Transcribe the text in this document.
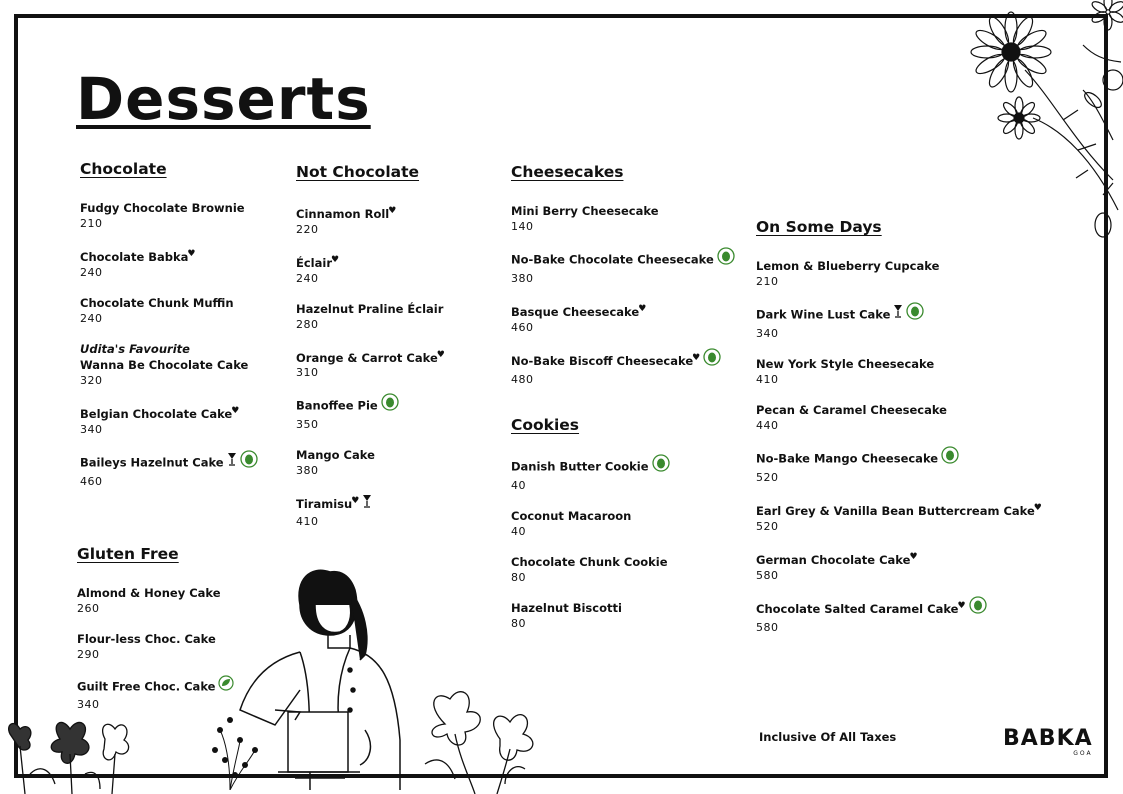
Desserts
Chocolate
Fudgy Chocolate Brownie
210
Chocolate Babka♥
240
Chocolate Chunk Muffin
240
Udita's Favourite
Wanna Be Chocolate Cake
320
Belgian Chocolate Cake♥
340
Baileys Hazelnut Cake
460
Not Chocolate
Cinnamon Roll♥
220
Éclair♥
240
Hazelnut Praline Éclair
280
Orange & Carrot Cake♥
310
Banoffee Pie
350
Mango Cake
380
Tiramisu♥
410
Cheesecakes
Mini Berry Cheesecake
140
No-Bake Chocolate Cheesecake
380
Basque Cheesecake♥
460
No-Bake Biscoff Cheesecake♥
480
Cookies
Danish Butter Cookie
40
Coconut Macaroon
40
Chocolate Chunk Cookie
80
Hazelnut Biscotti
80
On Some Days
Lemon & Blueberry Cupcake
210
Dark Wine Lust Cake
340
New York Style Cheesecake
410
Pecan & Caramel Cheesecake
440
No-Bake Mango Cheesecake
520
Earl Grey & Vanilla Bean Buttercream Cake♥
520
German Chocolate Cake♥
580
Chocolate Salted Caramel Cake♥
580
Gluten Free
Almond & Honey Cake
260
Flour-less Choc. Cake
290
Guilt Free Choc. Cake
340
Inclusive Of All Taxes	BABKA
GOA
